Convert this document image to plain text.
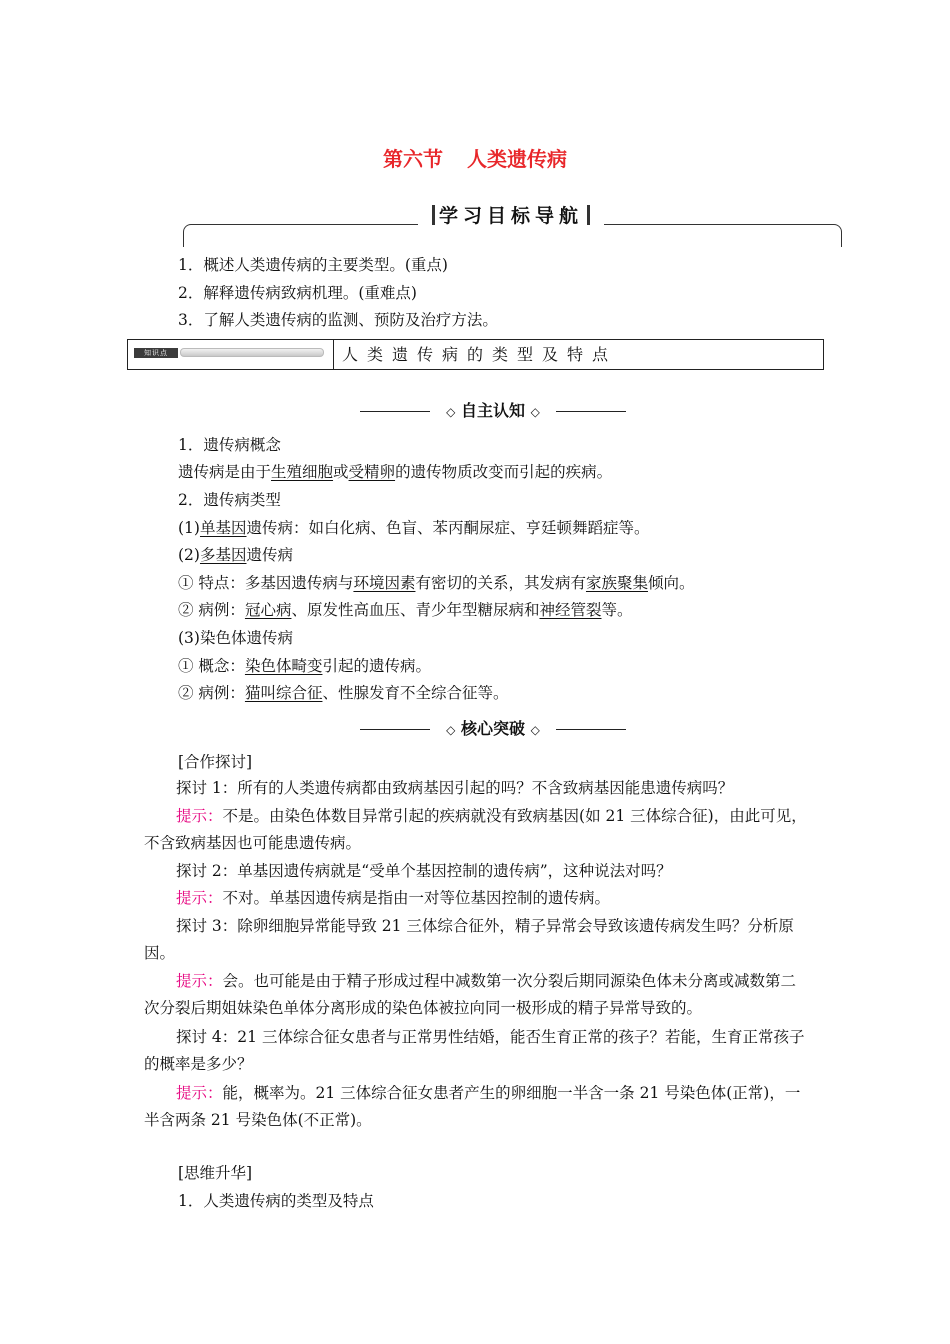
第六节 人类遗传病
学习目标导航
1．概述人类遗传病的主要类型。(重点)
2．解释遗传病致病机理。(重难点)
3．了解人类遗传病的监测、预防及治疗方法。
知识点	人类遗传病的类型及特点
◇ 自主认知 ◇
1．遗传病概念
遗传病是由于生殖细胞或受精卵的遗传物质改变而引起的疾病。
2．遗传病类型
(1)单基因遗传病：如白化病、色盲、苯丙酮尿症、亨廷顿舞蹈症等。
(2)多基因遗传病
① 特点：多基因遗传病与环境因素有密切的关系，其发病有家族聚集倾向。
② 病例：冠心病、原发性高血压、青少年型糖尿病和神经管裂等。
(3)染色体遗传病
① 概念：染色体畸变引起的遗传病。
② 病例：猫叫综合征、性腺发育不全综合征等。
◇ 核心突破 ◇
[合作探讨]
探讨 1：所有的人类遗传病都由致病基因引起的吗？不含致病基因能患遗传病吗？
提示：不是。由染色体数目异常引起的疾病就没有致病基因(如 21 三体综合征)，由此可见，不含致病基因也可能患遗传病。
探讨 2：单基因遗传病就是“受单个基因控制的遗传病”，这种说法对吗？
提示：不对。单基因遗传病是指由一对等位基因控制的遗传病。
探讨 3：除卵细胞异常能导致 21 三体综合征外，精子异常会导致该遗传病发生吗？分析原因。
提示：会。也可能是由于精子形成过程中减数第一次分裂后期同源染色体未分离或减数第二次分裂后期姐妹染色单体分离形成的染色体被拉向同一极形成的精子异常导致的。
探讨 4：21 三体综合征女患者与正常男性结婚，能否生育正常的孩子？若能，生育正常孩子的概率是多少？
提示：能，概率为。21 三体综合征女患者产生的卵细胞一半含一条 21 号染色体(正常)，一半含两条 21 号染色体(不正常)。
[思维升华]
1．人类遗传病的类型及特点
